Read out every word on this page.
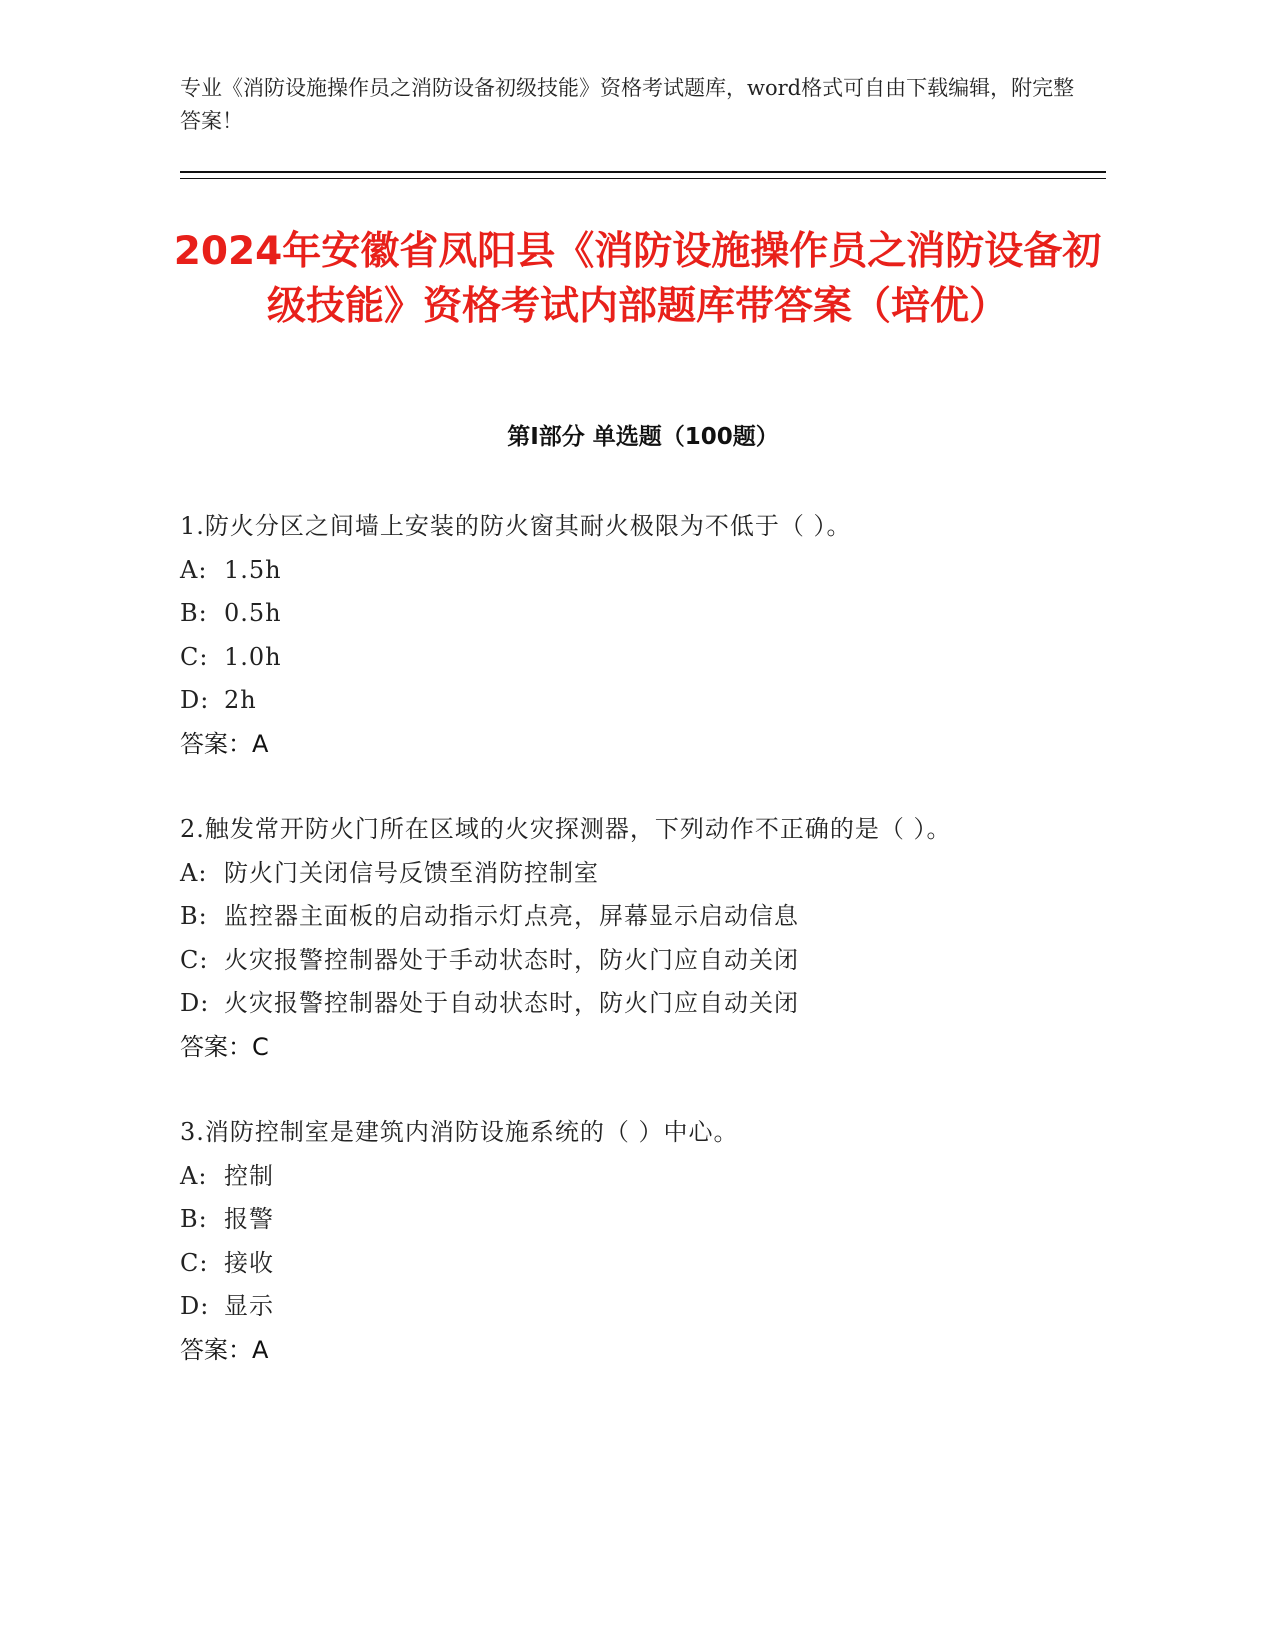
专业《消防设施操作员之消防设备初级技能》资格考试题库，word格式可自由下载编辑，附完整答案！
2024年安徽省凤阳县《消防设施操作员之消防设备初级技能》资格考试内部题库带答案（培优）
第Ⅰ部分 单选题（100题）
1.防火分区之间墙上安装的防火窗其耐火极限为不低于（ ）。
A: 1.5h
B: 0.5h
C: 1.0h
D: 2h
答案：A
2.触发常开防火门所在区域的火灾探测器，下列动作不正确的是（ ）。
A: 防火门关闭信号反馈至消防控制室
B: 监控器主面板的启动指示灯点亮，屏幕显示启动信息
C: 火灾报警控制器处于手动状态时，防火门应自动关闭
D: 火灾报警控制器处于自动状态时，防火门应自动关闭
答案：C
3.消防控制室是建筑内消防设施系统的（ ）中心。
A: 控制
B: 报警
C: 接收
D: 显示
答案：A
